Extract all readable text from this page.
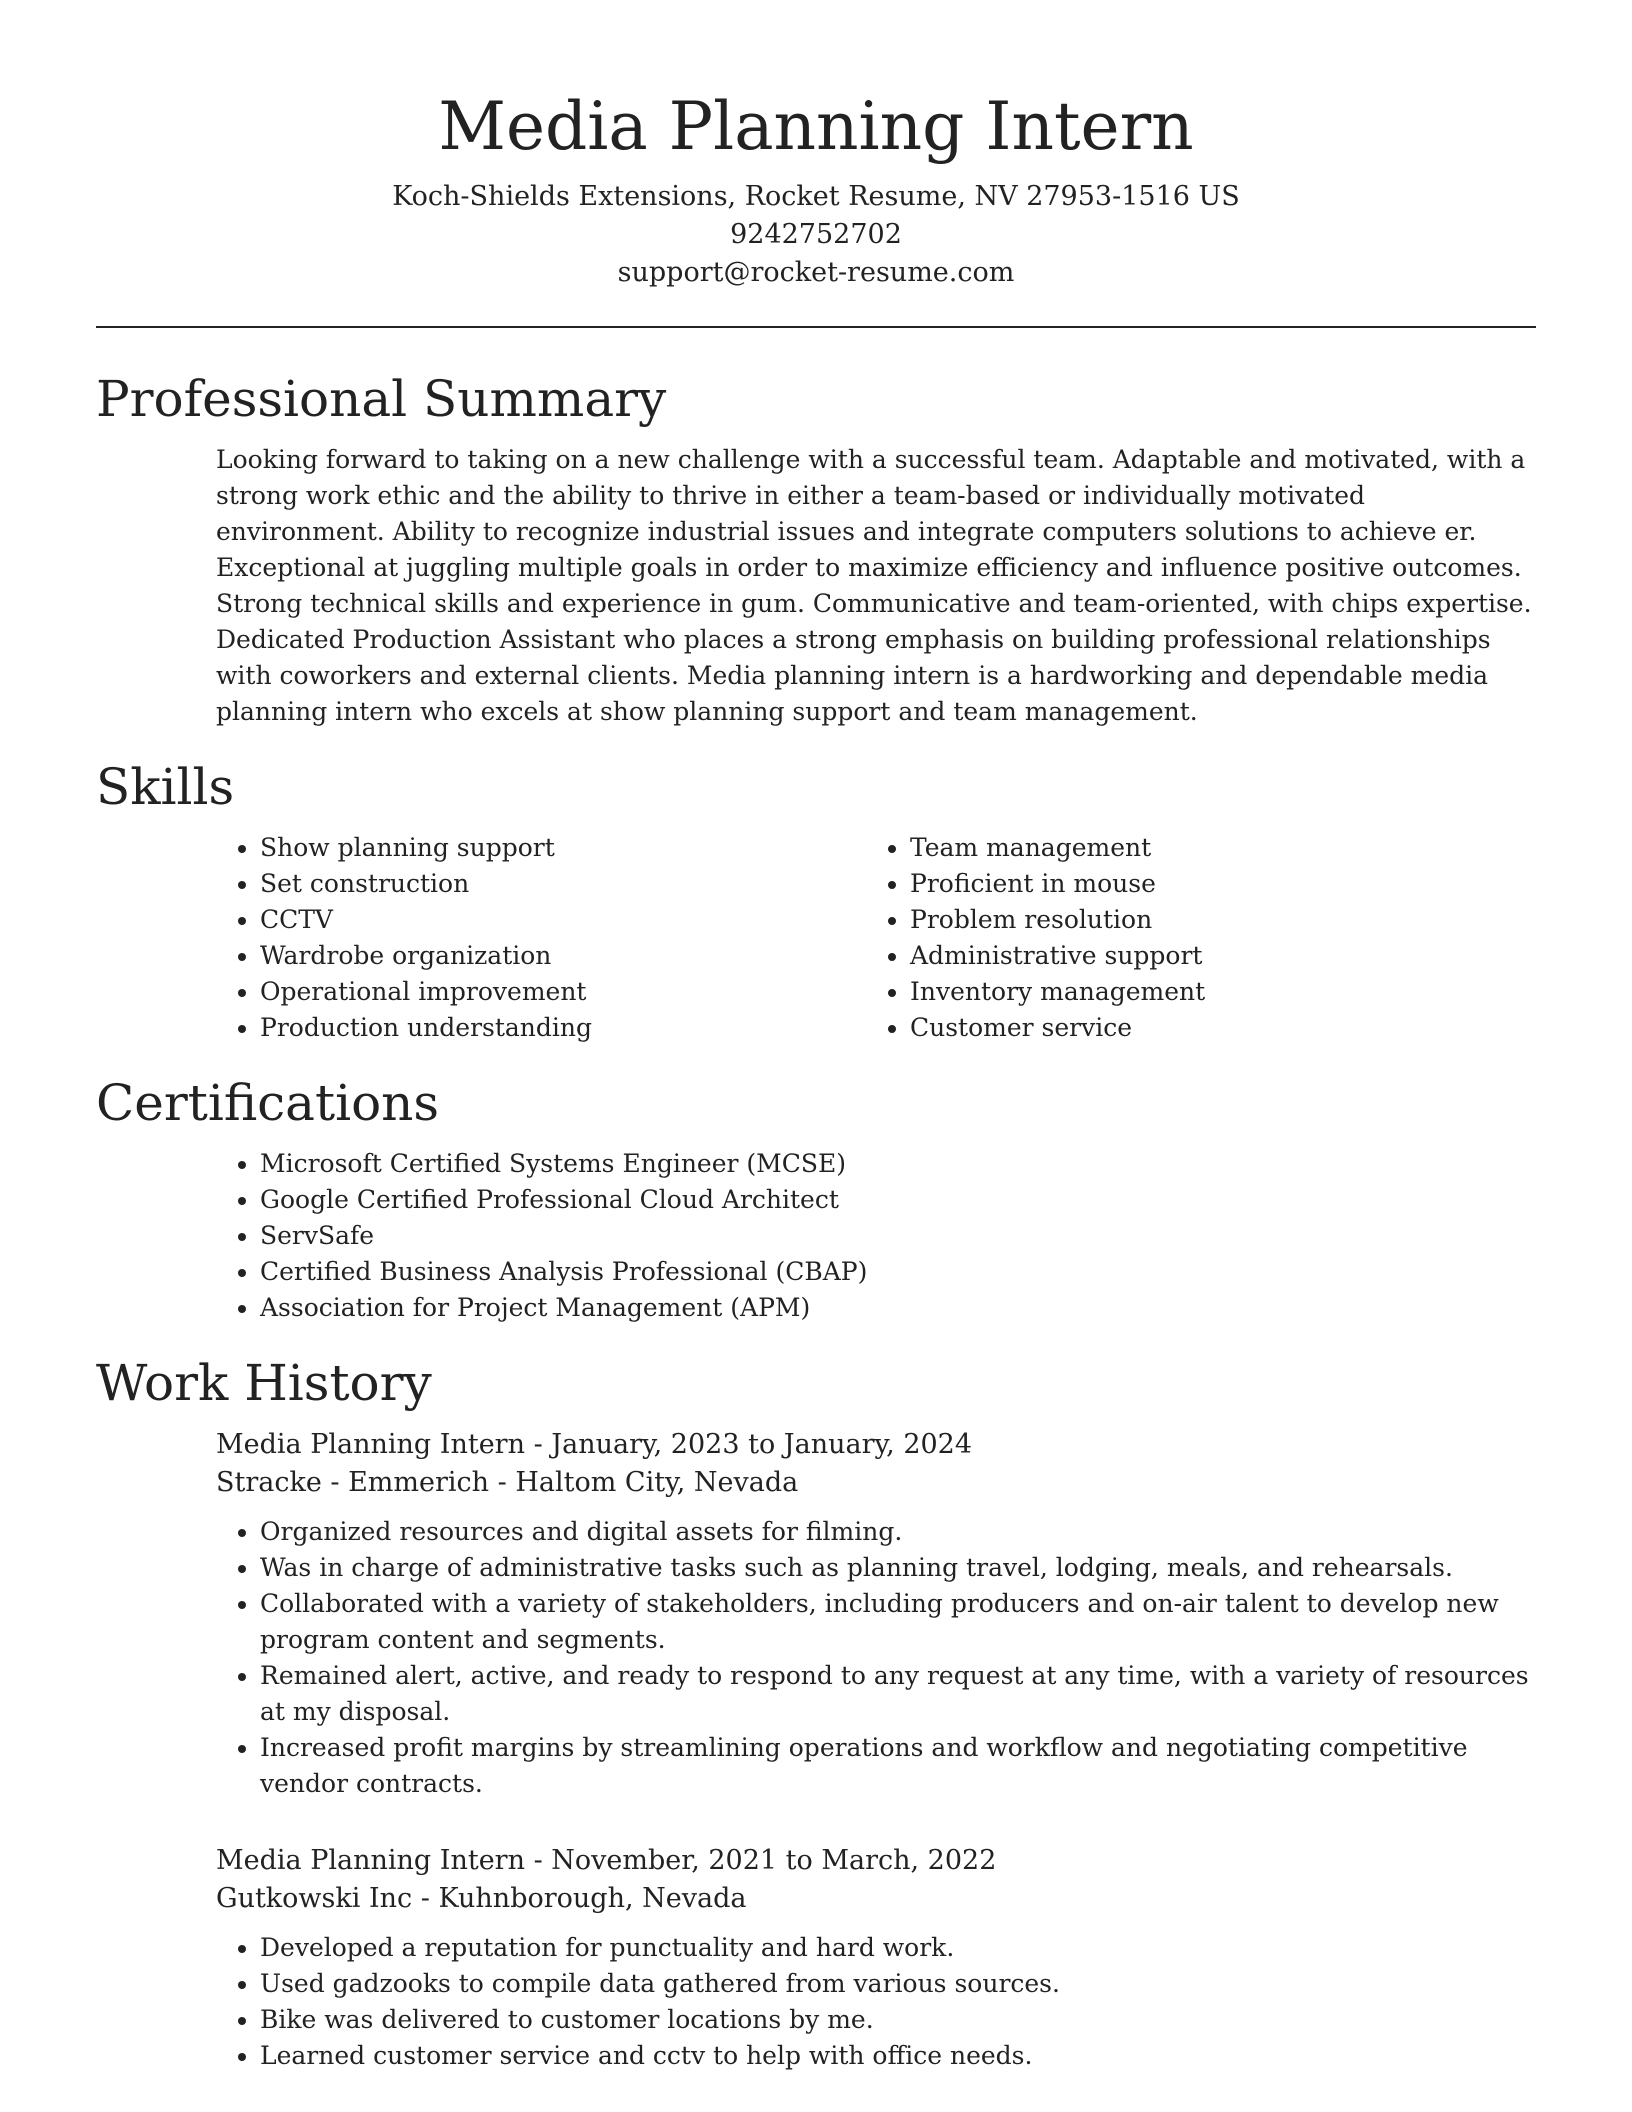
Media Planning Intern

Koch-Shields Extensions, Rocket Resume, NV 27953-1516 US

9242752702

support@rocket-resume.com

Professional Summary

Looking forward to taking on a new challenge with a successful team. Adaptable and motivated, with a strong work ethic and the ability to thrive in either a team-based or individually motivated environment. Ability to recognize industrial issues and integrate computers solutions to achieve er. Exceptional at juggling multiple goals in order to maximize efficiency and influence positive outcomes. Strong technical skills and experience in gum. Communicative and team-oriented, with chips expertise. Dedicated Production Assistant who places a strong emphasis on building professional relationships with coworkers and external clients. Media planning intern is a hardworking and dependable media planning intern who excels at show planning support and team management.

Skills
• Show planning support
• Set construction
• CCTV
• Wardrobe organization
• Operational improvement
• Production understanding
• Team management
• Proficient in mouse
• Problem resolution
• Administrative support
• Inventory management
• Customer service
Certifications
• Microsoft Certified Systems Engineer (MCSE)
• Google Certified Professional Cloud Architect
• ServSafe
• Certified Business Analysis Professional (CBAP)
• Association for Project Management (APM)
Work History

Media Planning Intern - January, 2023 to January, 2024

Stracke - Emmerich - Haltom City, Nevada

• Organized resources and digital assets for filming.
• Was in charge of administrative tasks such as planning travel, lodging, meals, and rehearsals.
• Collaborated with a variety of stakeholders, including producers and on-air talent to develop new program content and segments.
• Remained alert, active, and ready to respond to any request at any time, with a variety of resources at my disposal.
• Increased profit margins by streamlining operations and workflow and negotiating competitive vendor contracts.

Media Planning Intern - November, 2021 to March, 2022

Gutkowski Inc - Kuhnborough, Nevada

• Developed a reputation for punctuality and hard work.
• Used gadzooks to compile data gathered from various sources.
• Bike was delivered to customer locations by me.
• Learned customer service and cctv to help with office needs.
